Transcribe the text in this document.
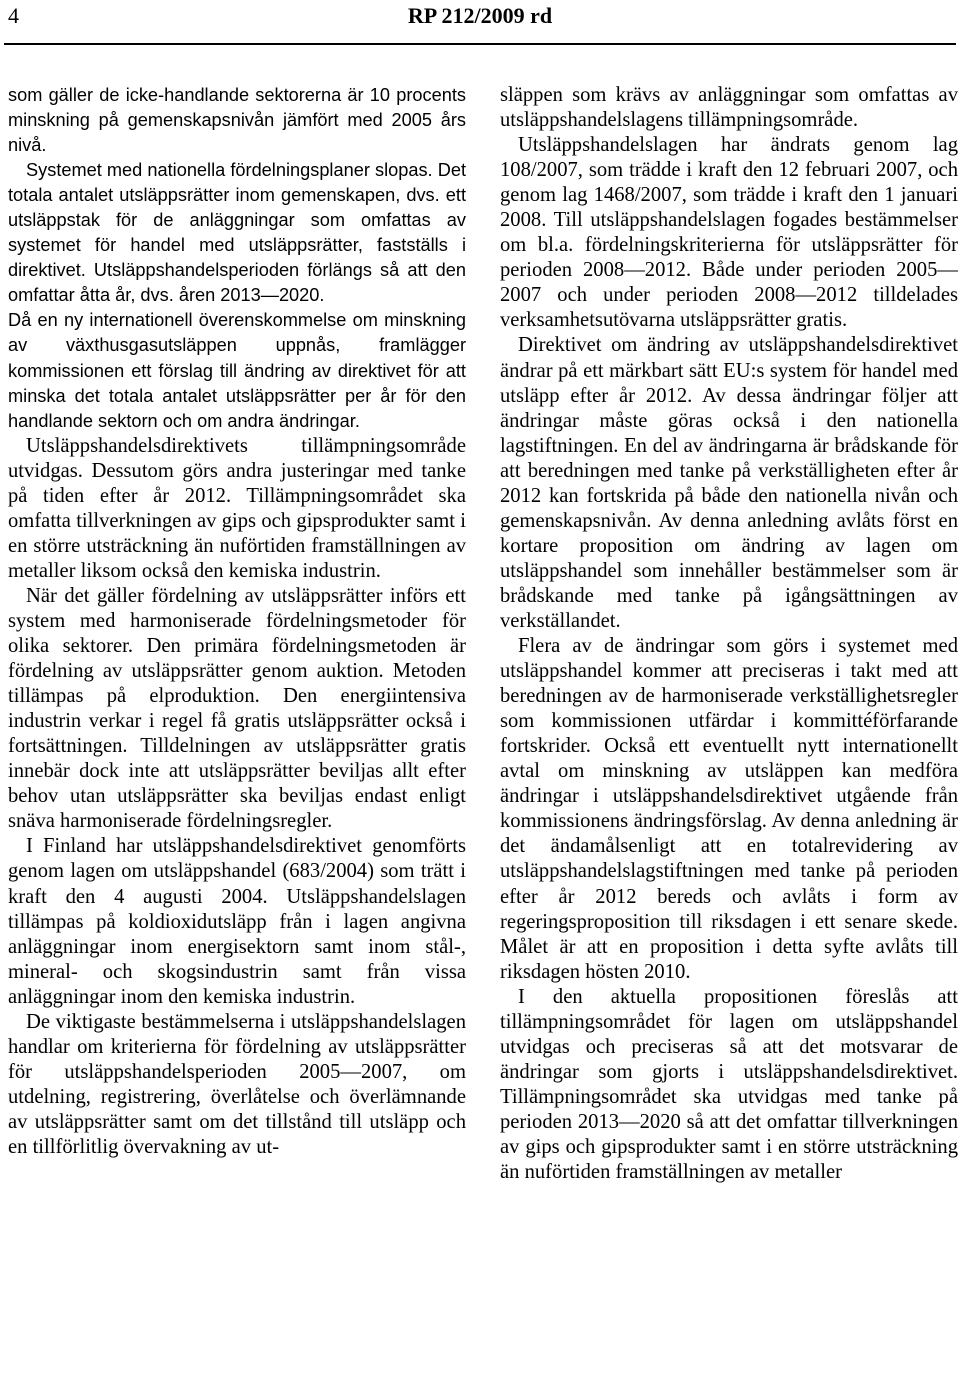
4	RP 212/2009 rd

som gäller de icke-handlande sektorerna är 10 procents minskning på gemenskapsnivån jämfört med 2005 års nivå.

Systemet med nationella fördelningsplaner slopas. Det totala antalet utsläppsrätter inom gemenskapen, dvs. ett utsläppstak för de anläggningar som omfattas av systemet för handel med utsläppsrätter, fastställs i direktivet. Utsläppshandelsperioden förlängs så att den omfattar åtta år, dvs. åren 2013—2020.

Då en ny internationell överenskommelse om minskning av växthusgasutsläppen uppnås, framlägger kommissionen ett förslag till ändring av direktivet för att minska det totala antalet utsläppsrätter per år för den handlande sektorn och om andra ändringar.

Utsläppshandelsdirektivets tillämpningsområde utvidgas. Dessutom görs andra justeringar med tanke på tiden efter år 2012. Tillämpningsområdet ska omfatta tillverkningen av gips och gipsprodukter samt i en större utsträckning än nuförtiden framställningen av metaller liksom också den kemiska industrin.

När det gäller fördelning av utsläppsrätter införs ett system med harmoniserade fördelningsmetoder för olika sektorer. Den primära fördelningsmetoden är fördelning av utsläppsrätter genom auktion. Metoden tillämpas på elproduktion. Den energiintensiva industrin verkar i regel få gratis utsläppsrätter också i fortsättningen. Tilldelningen av utsläppsrätter gratis innebär dock inte att utsläppsrätter beviljas allt efter behov utan utsläppsrätter ska beviljas endast enligt snäva harmoniserade fördelningsregler.

I Finland har utsläppshandelsdirektivet genomförts genom lagen om utsläppshandel (683/2004) som trätt i kraft den 4 augusti 2004. Utsläppshandelslagen tillämpas på koldioxidutsläpp från i lagen angivna anläggningar inom energisektorn samt inom stål-, mineral- och skogsindustrin samt från vissa anläggningar inom den kemiska industrin.

De viktigaste bestämmelserna i utsläppshandelslagen handlar om kriterierna för fördelning av utsläppsrätter för utsläppshandelsperioden 2005—2007, om utdelning, registrering, överlåtelse och överlämnande av utsläppsrätter samt om det tillstånd till utsläpp och en tillförlitlig övervakning av ut-

släppen som krävs av anläggningar som omfattas av utsläppshandelslagens tillämpningsområde.

Utsläppshandelslagen har ändrats genom lag 108/2007, som trädde i kraft den 12 februari 2007, och genom lag 1468/2007, som trädde i kraft den 1 januari 2008. Till utsläppshandelslagen fogades bestämmelser om bl.a. fördelningskriterierna för utsläppsrätter för perioden 2008—2012. Både under perioden 2005—2007 och under perioden 2008—2012 tilldelades verksamhetsutövarna utsläppsrätter gratis.

Direktivet om ändring av utsläppshandelsdirektivet ändrar på ett märkbart sätt EU:s system för handel med utsläpp efter år 2012. Av dessa ändringar följer att ändringar måste göras också i den nationella lagstiftningen. En del av ändringarna är brådskande för att beredningen med tanke på verkställigheten efter år 2012 kan fortskrida på både den nationella nivån och gemenskapsnivån. Av denna anledning avlåts först en kortare proposition om ändring av lagen om utsläppshandel som innehåller bestämmelser som är brådskande med tanke på igångsättningen av verkställandet.

Flera av de ändringar som görs i systemet med utsläppshandel kommer att preciseras i takt med att beredningen av de harmoniserade verkställighetsregler som kommissionen utfärdar i kommittéförfarande fortskrider. Också ett eventuellt nytt internationellt avtal om minskning av utsläppen kan medföra ändringar i utsläppshandelsdirektivet utgående från kommissionens ändringsförslag. Av denna anledning är det ändamålsenligt att en totalrevidering av utsläppshandelslagstiftningen med tanke på perioden efter år 2012 bereds och avlåts i form av regeringsproposition till riksdagen i ett senare skede. Målet är att en proposition i detta syfte avlåts till riksdagen hösten 2010.

I den aktuella propositionen föreslås att tillämpningsområdet för lagen om utsläppshandel utvidgas och preciseras så att det motsvarar de ändringar som gjorts i utsläppshandelsdirektivet. Tillämpningsområdet ska utvidgas med tanke på perioden 2013—2020 så att det omfattar tillverkningen av gips och gipsprodukter samt i en större utsträckning än nuförtiden framställningen av metaller
